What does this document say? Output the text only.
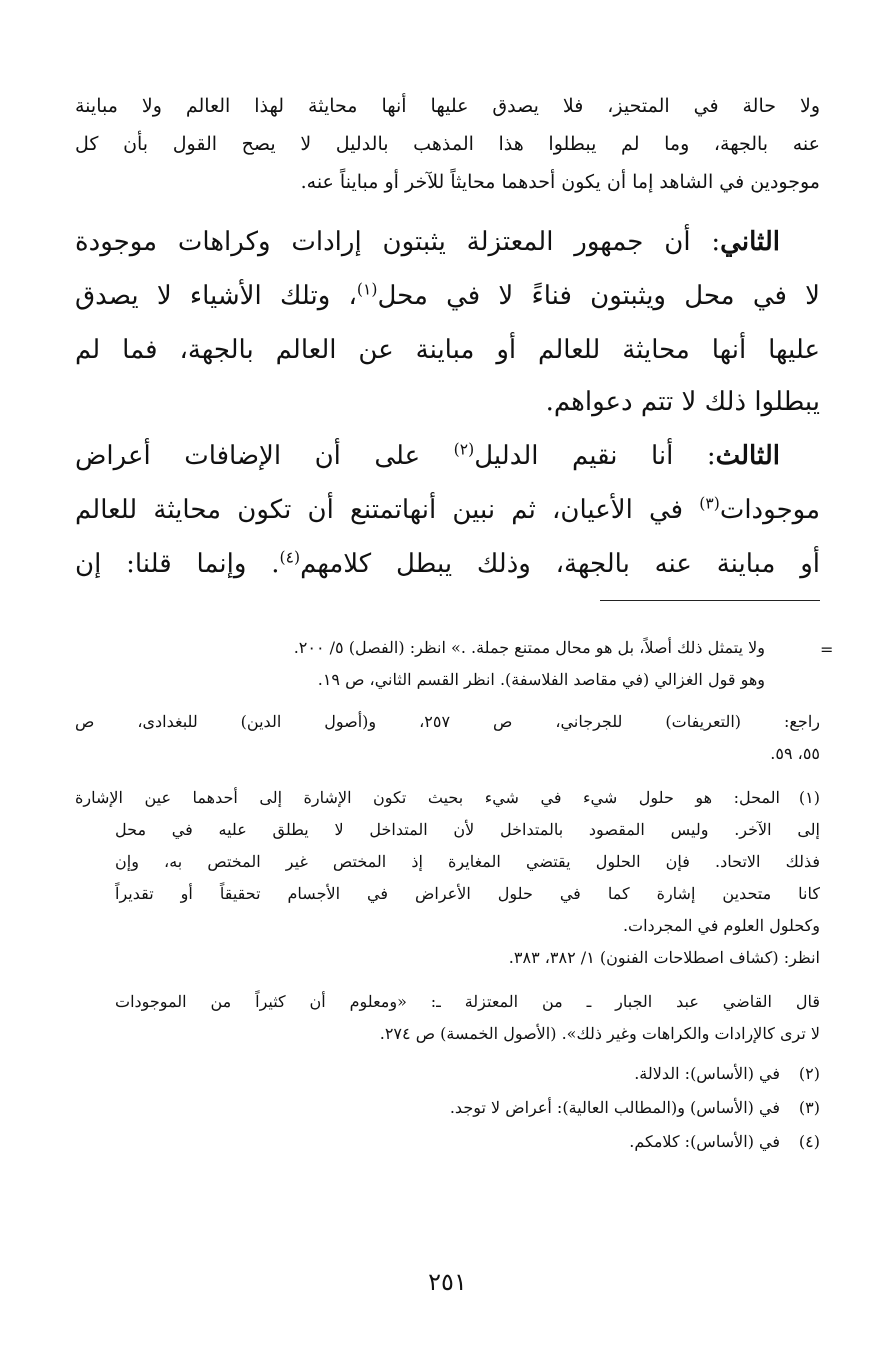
ولا حالة في المتحيز، فلا يصدق عليها أنها محايثة لهذا العالم ولا مباينة
عنه بالجهة، وما لم يبطلوا هذا المذهب بالدليل لا يصح القول بأن كل
موجودين في الشاهد إما أن يكون أحدهما محايثاً للآخر أو مبايناً عنه.
الثاني: أن جمهور المعتزلة يثبتون إرادات وكراهات موجودة
لا في محل ويثبتون فناءً لا في محل$^{(١)}$، وتلك الأشياء لا يصدق
عليها أنها محايثة للعالم أو مباينة عن العالم بالجهة، فما لم
يبطلوا ذلك لا تتم دعواهم.
الثالث: أنا نقيم الدليل$^{(٢)}$ على أن الإضافات أعراض
موجودات$^{(٣)}$ في الأعيان، ثم نبين أنهاتمتنع أن تكون محايثة للعالم
أو مباينة عنه بالجهة، وذلك يبطل كلامهم$^{(٤)}$. وإنما قلنا: إن
=
ولا يتمثل ذلك أصلاً، بل هو محال ممتنع جملة. .» انظر: (الفصل) ٥/ ٢٠٠.
وهو قول الغزالي (في مقاصد الفلاسفة). انظر القسم الثاني، ص ١٩.
راجع: (التعريفات) للجرجاني، ص ٢٥٧، و(أصول الدين) للبغدادى، ص
٥٥، ٥٩.
(١)
المحل: هو حلول شيء في شيء بحيث تكون الإشارة إلى أحدهما عين الإشارة
إلى الآخر. وليس المقصود بالمتداخل لأن المتداخل لا يطلق عليه في محل
فذلك الاتحاد. فإن الحلول يقتضي المغايرة إذ المختص غير المختص به، وإن
كانا متحدين إشارة كما في حلول الأعراض في الأجسام تحقيقاً أو تقديراً
وكحلول العلوم في المجردات.
انظر: (كشاف اصطلاحات الفنون) ١/ ٣٨٢، ٣٨٣.
قال القاضي عبد الجبار ـ من المعتزلة ـ: «ومعلوم أن كثيراً من الموجودات
لا ترى كالإرادات والكراهات وغير ذلك». (الأصول الخمسة) ص ٢٧٤.
(٢)
في (الأساس): الدلالة.
(٣)
في (الأساس) و(المطالب العالية): أعراض لا توجد.
(٤)
في (الأساس): كلامكم.
٢٥١
